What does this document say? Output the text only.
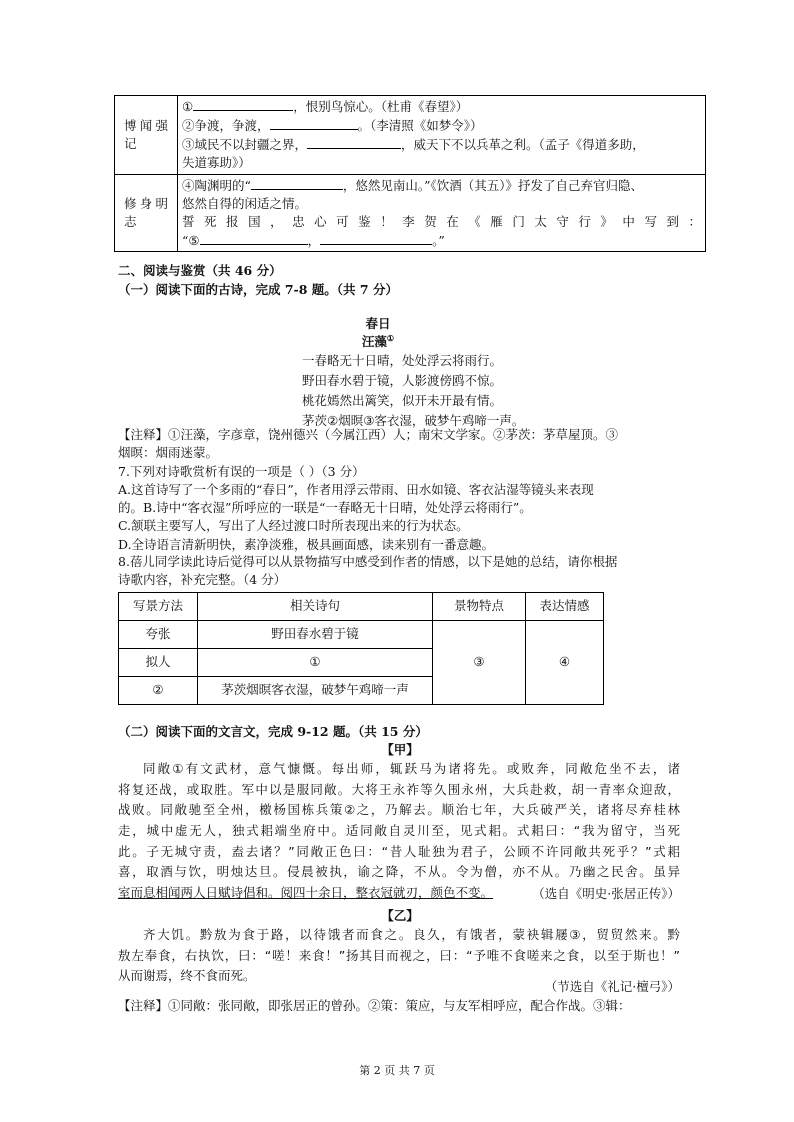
博闻强记	① ，恨别鸟惊心。（杜甫《春望》）
②争渡，争渡， 。（李清照《如梦令》）
③域民不以封疆之界， ，威天下不以兵革之利。（孟子《得道多助，
失道寡助》）

修身明志	④陶渊明的“ ，悠然见南山。”《饮酒（其五）》抒发了自己弃官归隐、
悠然自得的闲适之情。
誓死报国，忠心可鉴！李贺在《雁门太守行》中写到：
“⑤ ， 。”
二、阅读与鉴赏（共 46 分）
（一）阅读下面的古诗，完成 7-8 题。（共 7 分）
春日
汪藻①
一春略无十日晴，处处浮云将雨行。
野田春水碧于镜，人影渡傍鸥不惊。
桃花嫣然出篱笑，似开未开最有情。
茅茨②烟暝③客衣湿，破梦午鸡啼一声。
【注释】①汪藻，字彦章，饶州德兴（今属江西）人；南宋文学家。②茅茨：茅草屋顶。③
烟暝：烟雨迷蒙。
7.下列对诗歌赏析有误的一项是（ ）（3 分）
A.这首诗写了一个多雨的“春日”，作者用浮云带雨、田水如镜、客衣沾湿等镜头来表现
的。B.诗中“客衣湿”所呼应的一联是“一春略无十日晴，处处浮云将雨行”。
C.颔联主要写人，写出了人经过渡口时所表现出来的行为状态。
D.全诗语言清新明快，素净淡雅，极具画面感，读来别有一番意趣。
8.蓓儿同学读此诗后觉得可以从景物描写中感受到作者的情感，以下是她的总结，请你根据
诗歌内容，补充完整。（4 分）
写景方法	相关诗句	景物特点	表达情感
夸张	野田春水碧于镜	③	④
拟人	①		
②	茅茨烟暝客衣湿，破梦午鸡啼一声		
（二）阅读下面的文言文，完成 9-12 题。（共 15 分）
【甲】
同敞①有文武材，意气慷慨。每出师，辄跃马为诸将先。或败奔，同敞危坐不去，诸
将复还战，或取胜。军中以是服同敞。大将王永祚等久围永州，大兵赴救，胡一青率众迎敌，
战败。同敞驰至全州，檄杨国栋兵策②之，乃解去。顺治七年，大兵破严关，诸将尽弃桂林
走，城中虚无人，独式耜端坐府中。适同敞自灵川至，见式耜。式耜曰：“我为留守，当死
此。子无城守责，盍去诸？”同敞正色曰：“昔人耻独为君子，公顾不许同敞共死乎？”式耜
喜，取酒与饮，明烛达旦。侵晨被执，谕之降，不从。令为僧，亦不从。乃幽之民舍。虽异
室而息相闻两人日赋诗倡和。阅四十余日，整衣冠就刃，颜色不变。	（选自《明史·张居正传》）
【乙】
齐大饥。黔敖为食于路，以待饿者而食之。良久，有饿者，蒙袂辑屦③，贸贸然来。黔
敖左奉食，右执饮，曰：“嗟！来食！”扬其目而视之，曰：“予唯不食嗟来之食，以至于斯也！”
从而谢焉，终不食而死。
（节选自《礼记·檀弓》）
【注释】①同敞：张同敞，即张居正的曾孙。②策：策应，与友军相呼应，配合作战。③辑：
第 2 页 共 7 页
